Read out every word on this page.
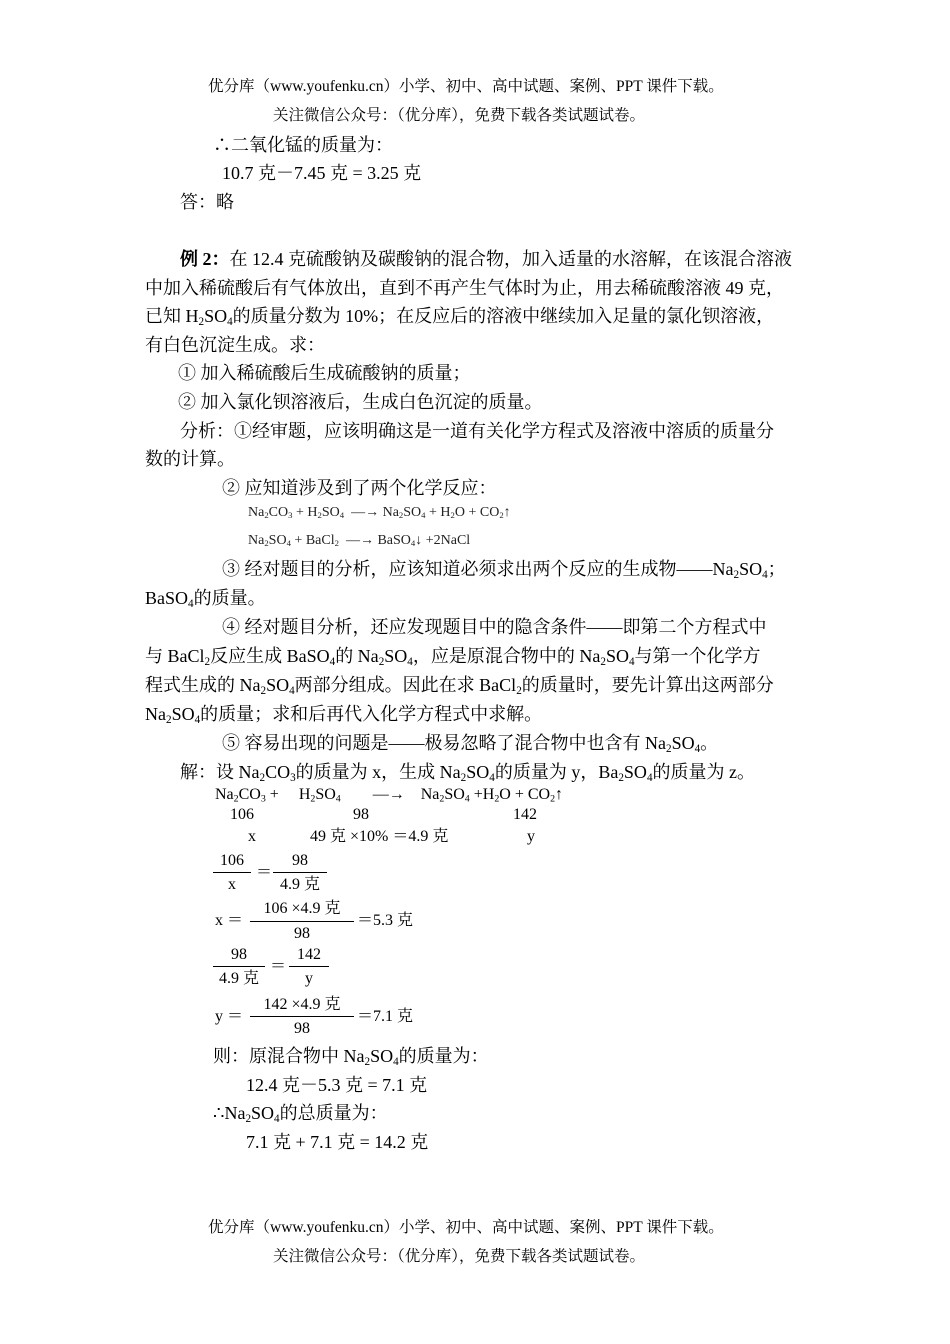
优分库（www.youfenku.cn）小学、初中、高中试题、案例、PPT 课件下载。
关注微信公众号：（优分库），免费下载各类试题试卷。
∴二氧化锰的质量为：
10.7 克－7.45 克 = 3.25 克
答：略
例 2：在 12.4 克硫酸钠及碳酸钠的混合物，加入适量的水溶解，在该混合溶液
中加入稀硫酸后有气体放出，直到不再产生气体时为止，用去稀硫酸溶液 49 克，
已知 $H_2SO_4$的质量分数为 10%；在反应后的溶液中继续加入足量的氯化钡溶液，
有白色沉淀生成。求：
① 加入稀硫酸后生成硫酸钠的质量；
② 加入氯化钡溶液后，生成白色沉淀的质量。
分析：①经审题，应该明确这是一道有关化学方程式及溶液中溶质的质量分
数的计算。
② 应知道涉及到了两个化学反应：
$Na_2CO_3 + H_2SO_4$  —→ $Na_2SO_4 + H_2O$ + $CO_2↑$
$Na_2SO_4$ + BaCl$_2$  —→ BaSO$_4$↓ +2NaCl
③ 经对题目的分析，应该知道必须求出两个反应的生成物$——Na_2SO_4$；
BaSO$_4$的质量。
④ 经对题目分析，还应发现题目中的隐含条件——即第二个方程式中
与 BaCl$_2$反应生成 BaSO$_4$的 $Na_2SO_4$，应是原混合物中的 $Na_2SO_4$与第一个化学方
程式生成的 $Na_2SO_4$两部分组成。因此在求 BaCl$_2$的质量时，要先计算出这两部分
$Na_2SO_4$的质量；求和后再代入化学方程式中求解。
⑤ 容易出现的问题是——极易忽略了混合物中也含有 $Na_2SO_4$。
解：设 $Na_2CO_3$的质量为 x，生成 $Na_2SO_4$的质量为 y，$Ba_2SO_4$的质量为 z。
$Na_2CO_3$ +     $H_2SO_4$        —→    $Na_2SO_4 +H_2O$ + $CO_2↑$
106	98	142
x	49 克 ×10% ＝4.9 克	y
106
x
＝
98
4.9 克
x ＝
106 ×4.9 克
98
＝5.3 克
98
4.9 克
＝
142
y
y ＝
142 ×4.9 克
98
＝7.1 克
则：原混合物中 $Na_2SO_4$的质量为：
12.4 克－5.3 克 = 7.1 克
$\therefore Na_2SO_4$的总质量为：
7.1 克 + 7.1 克 = 14.2 克
优分库（www.youfenku.cn）小学、初中、高中试题、案例、PPT 课件下载。
关注微信公众号：（优分库），免费下载各类试题试卷。
